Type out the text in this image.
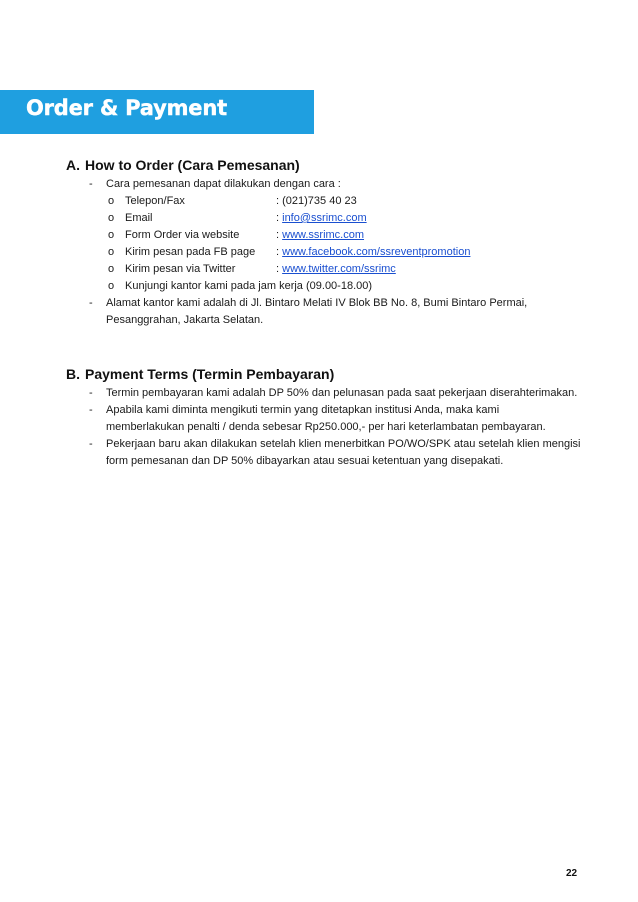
Order & Payment
A. How to Order (Cara Pemesanan)
- Cara pemesanan dapat dilakukan dengan cara :
o Telepon/Fax	: (021)735 40 23
o Email	: info@ssrimc.com
o Form Order via website	: www.ssrimc.com
o Kirim pesan pada FB page : www.facebook.com/ssreventpromotion
o Kirim pesan via Twitter	: www.twitter.com/ssrimc
o Kunjungi kantor kami pada jam kerja (09.00-18.00)
- Alamat kantor kami adalah di Jl. Bintaro Melati IV Blok BB No. 8, Bumi Bintaro Permai,
Pesanggrahan, Jakarta Selatan.
B. Payment Terms (Termin Pembayaran)
- Termin pembayaran kami adalah DP 50% dan pelunasan pada saat pekerjaan diserahterimakan.
- Apabila kami diminta mengikuti termin yang ditetapkan institusi Anda, maka kami
memberlakukan penalti / denda sebesar Rp250.000,- per hari keterlambatan pembayaran.
- Pekerjaan baru akan dilakukan setelah klien menerbitkan PO/WO/SPK atau setelah klien mengisi
form pemesanan dan DP 50% dibayarkan atau sesuai ketentuan yang disepakati.
22
